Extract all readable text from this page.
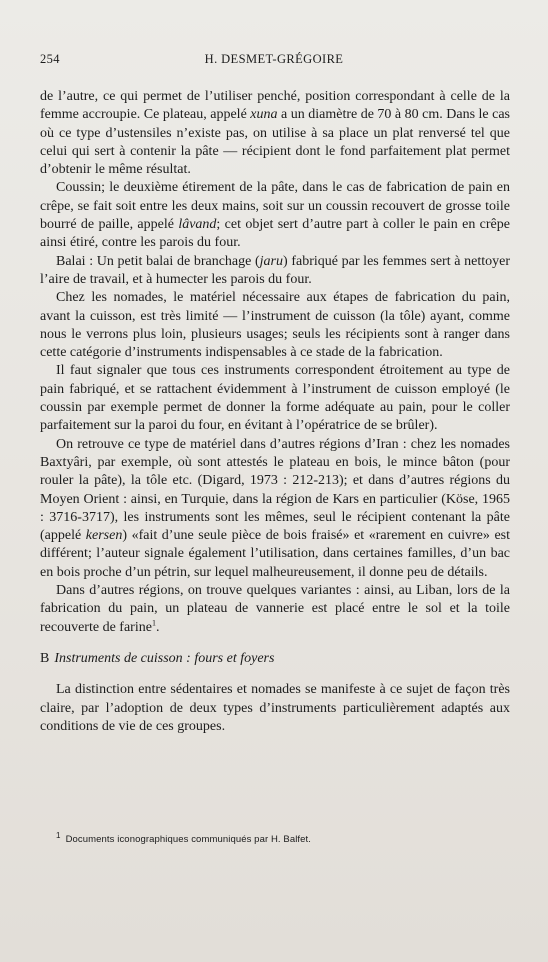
254	H. DESMET-GRÉGOIRE

de l’autre, ce qui permet de l’utiliser penché, position correspondant à celle de la femme accroupie. Ce plateau, appelé xuna a un diamètre de 70 à 80 cm. Dans le cas où ce type d’ustensiles n’existe pas, on utilise à sa place un plat renversé tel que celui qui sert à contenir la pâte — récipient dont le fond parfaitement plat permet d’obtenir le même résultat.

Coussin; le deuxième étirement de la pâte, dans le cas de fabrication de pain en crêpe, se fait soit entre les deux mains, soit sur un coussin recouvert de grosse toile bourré de paille, appelé lâvand; cet objet sert d’autre part à coller le pain en crêpe ainsi étiré, contre les parois du four.

Balai : Un petit balai de branchage (jaru) fabriqué par les femmes sert à nettoyer l’aire de travail, et à humecter les parois du four.

Chez les nomades, le matériel nécessaire aux étapes de fabrication du pain, avant la cuisson, est très limité — l’instrument de cuisson (la tôle) ayant, comme nous le verrons plus loin, plusieurs usages; seuls les récipients sont à ranger dans cette catégorie d’instruments indispensables à ce stade de la fabrication.

Il faut signaler que tous ces instruments correspondent étroitement au type de pain fabriqué, et se rattachent évidemment à l’instrument de cuisson employé (le coussin par exemple permet de donner la forme adéquate au pain, pour le coller parfaitement sur la paroi du four, en évitant à l’opératrice de se brûler).

On retrouve ce type de matériel dans d’autres régions d’Iran : chez les nomades Baxtyâri, par exemple, où sont attestés le plateau en bois, le mince bâton (pour rouler la pâte), la tôle etc. (Digard, 1973 : 212-213); et dans d’autres régions du Moyen Orient : ainsi, en Turquie, dans la région de Kars en particulier (Köse, 1965 : 3716-3717), les instruments sont les mêmes, seul le récipient contenant la pâte (appelé kersen) «fait d’une seule pièce de bois fraisé» et «rarement en cuivre» est différent; l’auteur signale également l’utilisation, dans certaines familles, d’un bac en bois proche d’un pétrin, sur lequel malheureusement, il donne peu de détails.

Dans d’autres régions, on trouve quelques variantes : ainsi, au Liban, lors de la fabrication du pain, un plateau de vannerie est placé entre le sol et la toile recouverte de farine$^1$.

B Instruments de cuisson : fours et foyers

La distinction entre sédentaires et nomades se manifeste à ce sujet de façon très claire, par l’adoption de deux types d’instruments particulièrement adaptés aux conditions de vie de ces groupes.

$^1$ Documents iconographiques communiqués par H. Balfet.
